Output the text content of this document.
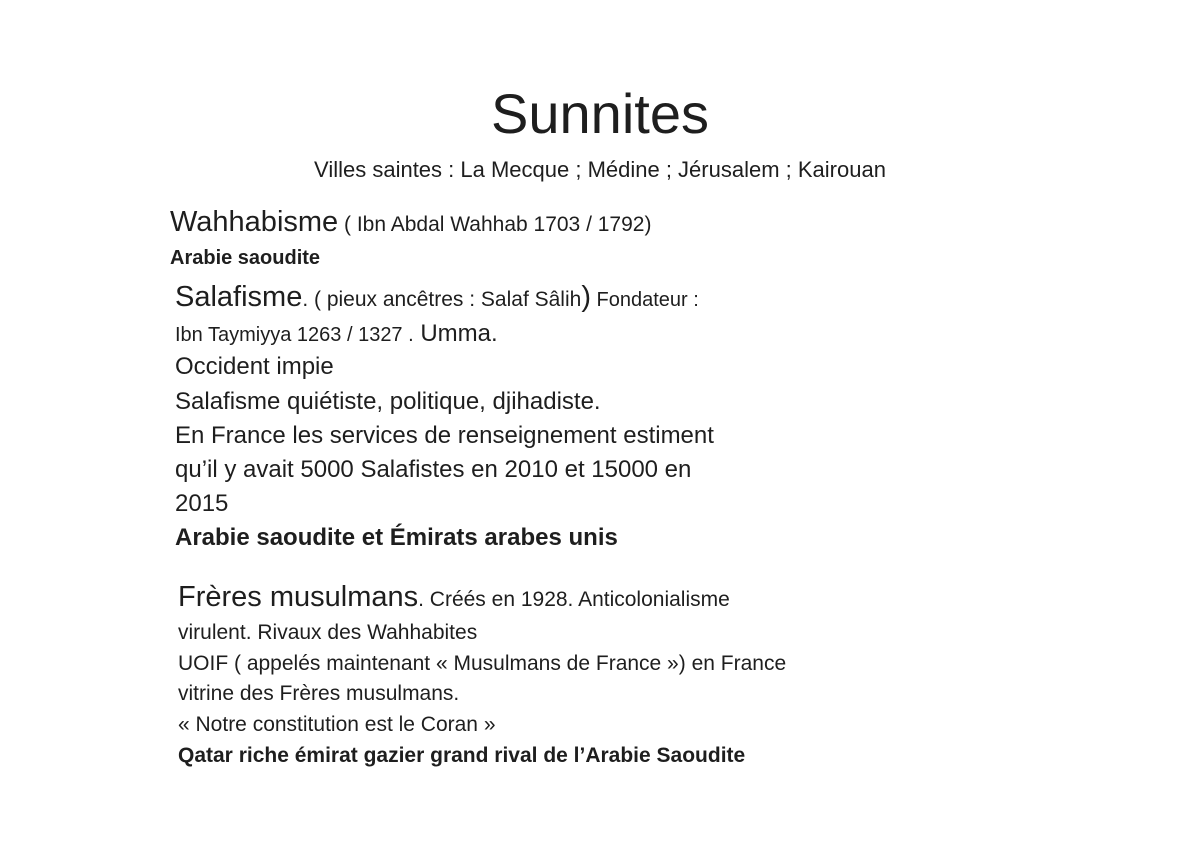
Sunnites
Villes saintes : La Mecque ; Médine ; Jérusalem ; Kairouan
Wahhabisme ( Ibn Abdal Wahhab 1703 / 1792)
Arabie saoudite
Salafisme. ( pieux ancêtres : Salaf Sâlih) Fondateur :
Ibn Taymiyya 1263 / 1327 . Umma.
Occident impie
Salafisme quiétiste, politique, djihadiste.
En France les services de renseignement estiment
qu’il y avait 5000 Salafistes en 2010 et 15000 en
2015
Arabie saoudite et Émirats arabes unis
Frères musulmans. Créés en 1928. Anticolonialisme
virulent. Rivaux des Wahhabites
UOIF ( appelés maintenant « Musulmans de France ») en France
vitrine des Frères musulmans.
« Notre constitution est le Coran »
Qatar riche émirat gazier grand rival de l’Arabie Saoudite
